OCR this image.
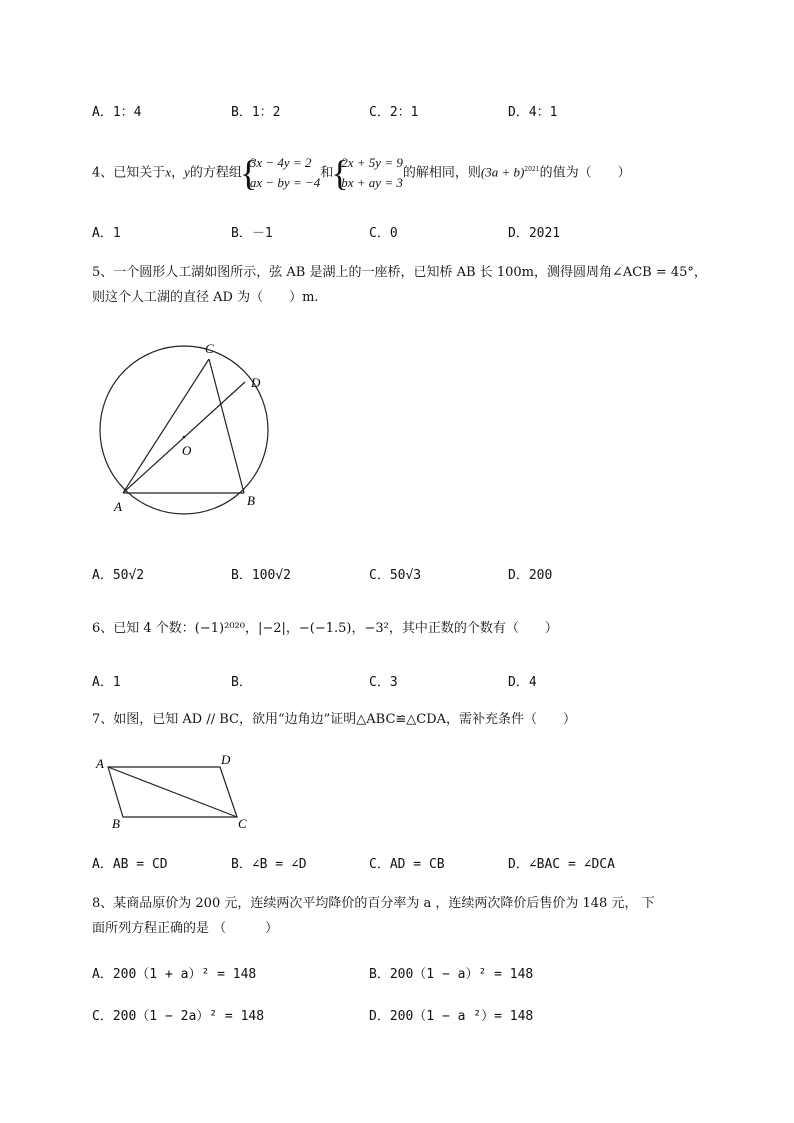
A．1：4	B．1：2	C．2：1	D．4：1
4、已知关于x，y的方程组{ 3x − 4y = 2
ax − by = −4和{ 2x + 5y = 9
bx + ay = 3的解相同，则$(3a + b)^{2021}$的值为（　　）
A．1	B．－1	C．0	D．2021
5、一个圆形人工湖如图所示，弦 AB 是湖上的一座桥，已知桥 AB 长 100m，测得圆周角∠ACB = 45°，
则这个人工湖的直径 AD 为（　　）m.
C
D
O
A	B
A．50√2	B．100√2	C．50√3	D．200
6、已知 4 个数：(−1)²⁰²⁰，|−2|，−(−1.5)，−3²，其中正数的个数有（　　）
A．1	B．	C．3	D．4
7、如图，已知 AD // BC，欲用“边角边”证明△ABC≌△CDA，需补充条件（　　）
A	D
B	C
A．AB = CD	B．∠B = ∠D	C．AD = CB	D．∠BAC = ∠DCA
8、某商品原价为 200 元，连续两次平均降价的百分率为 a ，连续两次降价后售价为 148 元， 下
面所列方程正确的是 （　　　）
A．200（1 + a）² = 148	B．200（1 − a）² = 148
C．200（1 − 2a）² = 148	D．200（1 − a ²）= 148
